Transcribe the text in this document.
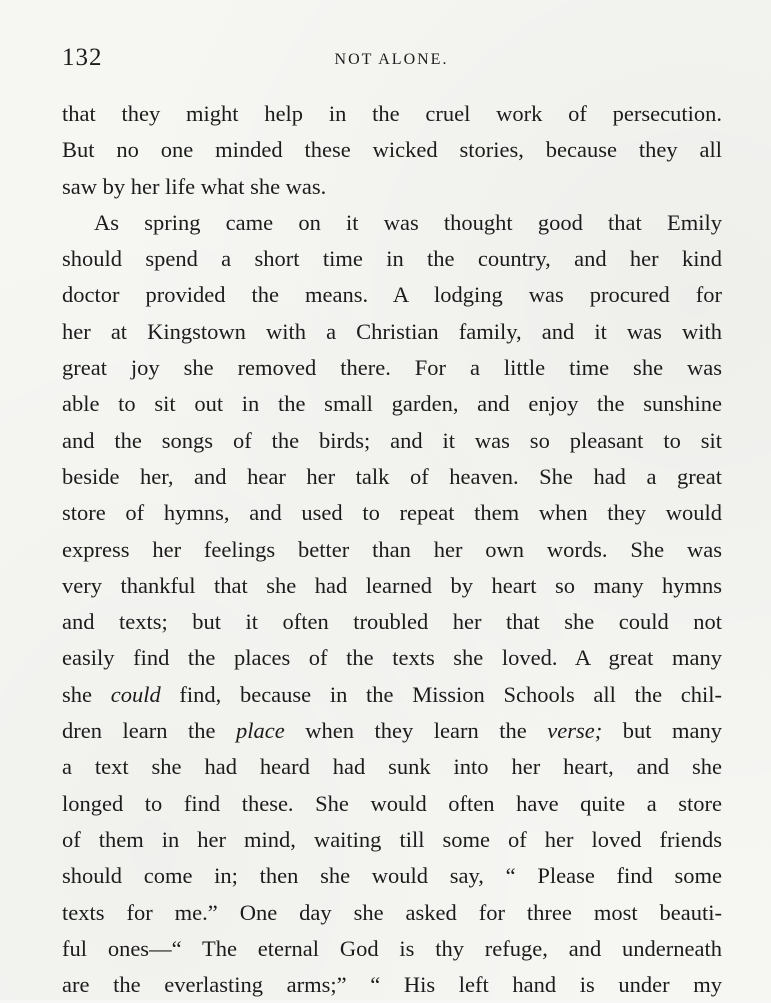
132	NOT ALONE.
that they might help in the cruel work of persecution.
But no one minded these wicked stories, because they all
saw by her life what she was.
As spring came on it was thought good that Emily
should spend a short time in the country, and her kind
doctor provided the means. A lodging was procured for
her at Kingstown with a Christian family, and it was with
great joy she removed there. For a little time she was
able to sit out in the small garden, and enjoy the sunshine
and the songs of the birds; and it was so pleasant to sit
beside her, and hear her talk of heaven. She had a great
store of hymns, and used to repeat them when they would
express her feelings better than her own words. She was
very thankful that she had learned by heart so many hymns
and texts; but it often troubled her that she could not
easily find the places of the texts she loved. A great many
she could find, because in the Mission Schools all the chil-
dren learn the place when they learn the verse; but many
a text she had heard had sunk into her heart, and she
longed to find these. She would often have quite a store
of them in her mind, waiting till some of her loved friends
should come in; then she would say, “ Please find some
texts for me.” One day she asked for three most beauti-
ful ones—“ The eternal God is thy refuge, and underneath
are the everlasting arms;” “ His left hand is under my
